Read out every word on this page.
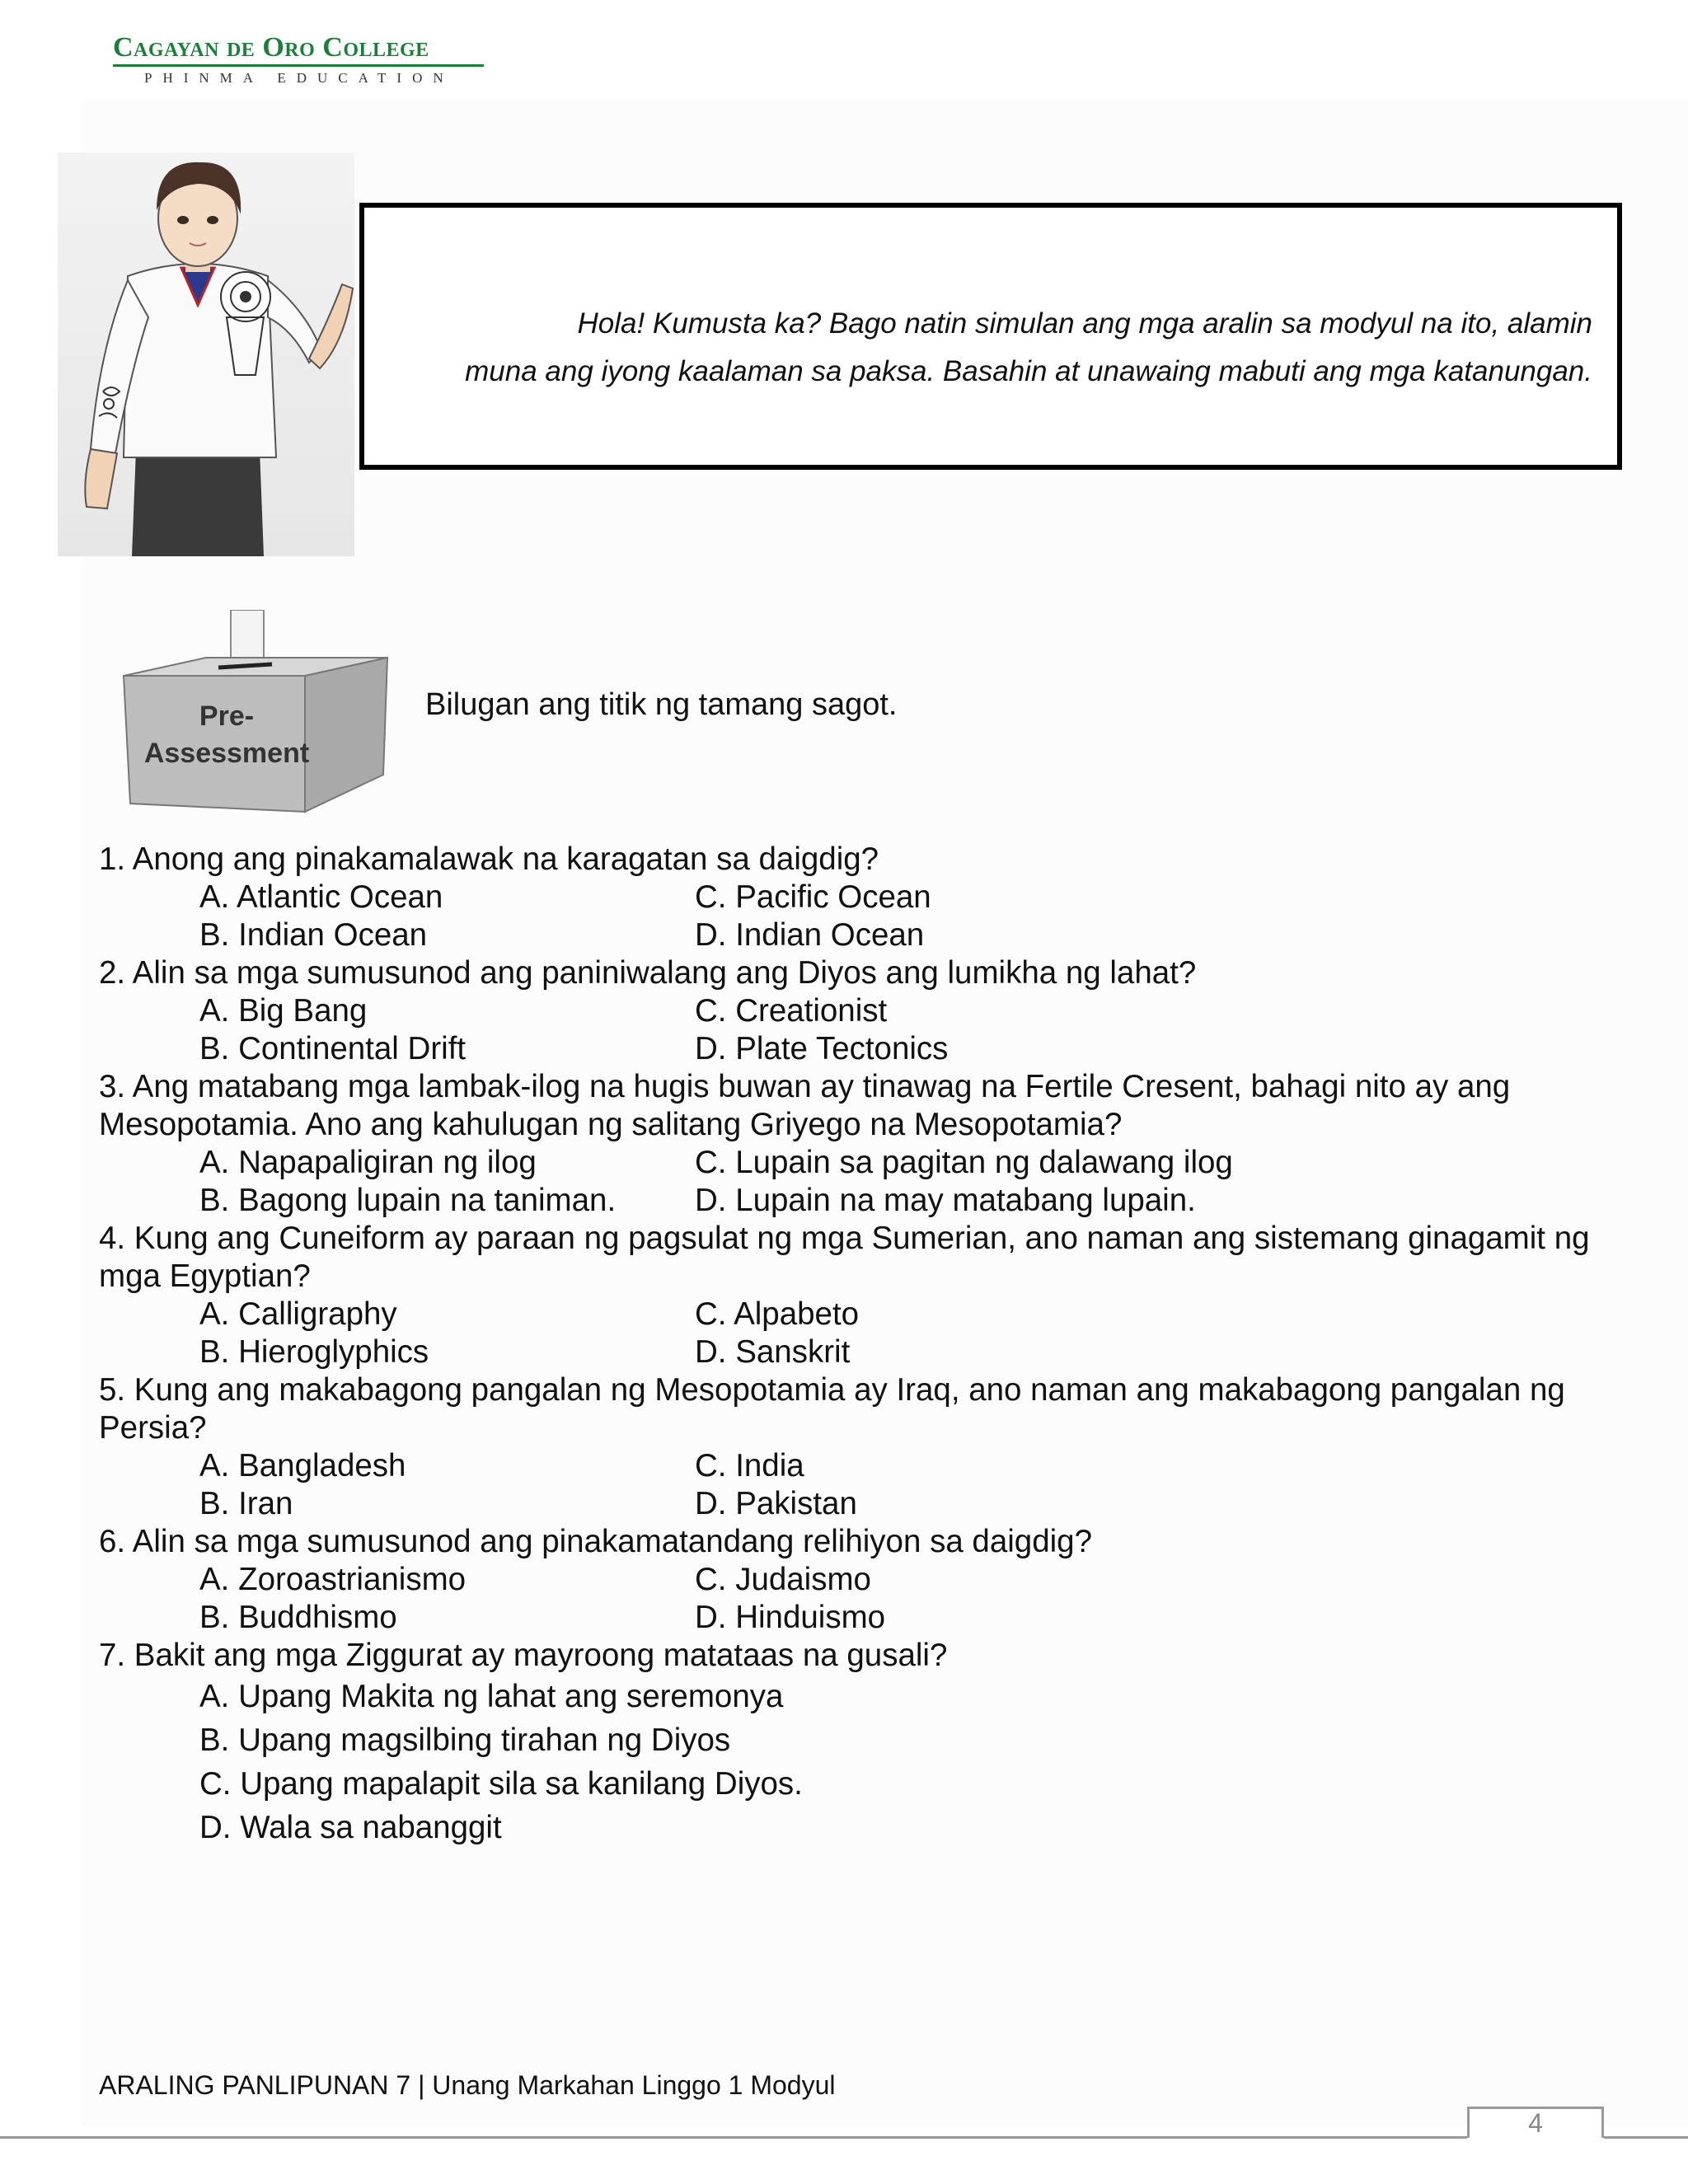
Cagayan de Oro College
PHINMA EDUCATION
Hola! Kumusta ka? Bago natin simulan ang mga aralin sa modyul na ito, alamin
muna ang iyong kaalaman sa paksa. Basahin at unawaing mabuti ang mga katanungan.
Pre-
Assessment
Bilugan ang titik ng tamang sagot.

1. Anong ang pinakamalawak na karagatan sa daigdig?

A. Atlantic Ocean
B. Indian Ocean
C. Pacific Ocean
D. Indian Ocean

2. Alin sa mga sumusunod ang paniniwalang ang Diyos ang lumikha ng lahat?

A. Big Bang
B. Continental Drift
C. Creationist
D. Plate Tectonics

3. Ang matabang mga lambak-ilog na hugis buwan ay tinawag na Fertile Cresent, bahagi nito ay ang Mesopotamia. Ano ang kahulugan ng salitang Griyego na Mesopotamia?

A. Napapaligiran ng ilog
B. Bagong lupain na taniman.
C. Lupain sa pagitan ng dalawang ilog
D. Lupain na may matabang lupain.

4. Kung ang Cuneiform ay paraan ng pagsulat ng mga Sumerian, ano naman ang sistemang ginagamit ng mga Egyptian?

A. Calligraphy
B. Hieroglyphics
C. Alpabeto
D. Sanskrit

5. Kung ang makabagong pangalan ng Mesopotamia ay Iraq, ano naman ang makabagong pangalan ng Persia?

A. Bangladesh
B. Iran
C. India
D. Pakistan

6. Alin sa mga sumusunod ang pinakamatandang relihiyon sa daigdig?

A. Zoroastrianismo
B. Buddhismo
C. Judaismo
D. Hinduismo

7. Bakit ang mga Ziggurat ay mayroong matataas na gusali?

A. Upang Makita ng lahat ang seremonya
B. Upang magsilbing tirahan ng Diyos
C. Upang mapalapit sila sa kanilang Diyos.
D. Wala sa nabanggit
ARALING PANLIPUNAN 7 | Unang Markahan Linggo 1 Modyul
4
